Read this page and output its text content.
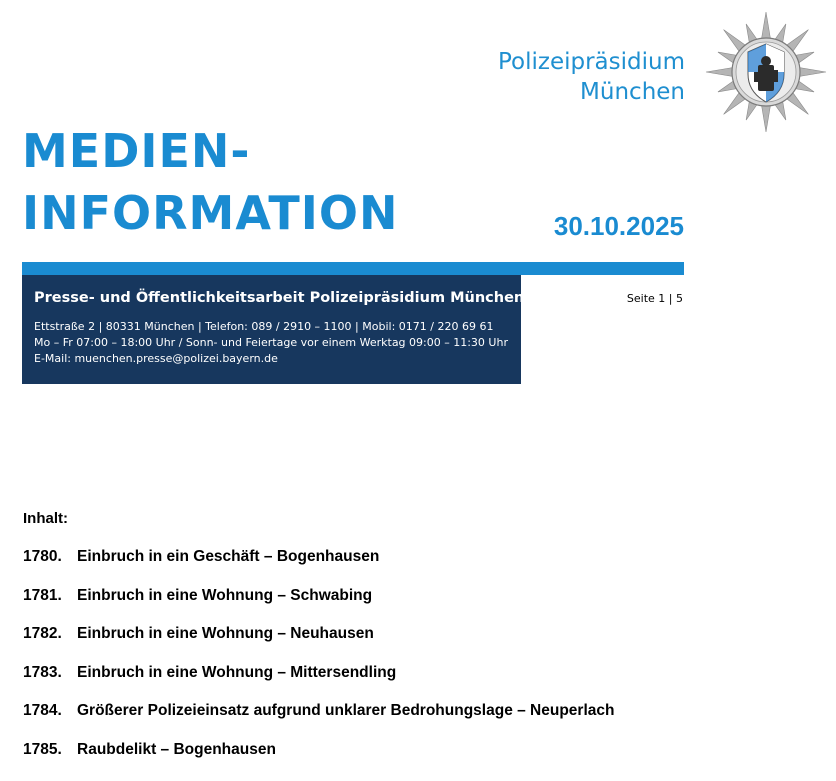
Polizeipräsidium
München
MEDIEN-
INFORMATION	30.10.2025
Presse- und Öffentlichkeitsarbeit Polizeipräsidium München
Ettstraße 2 | 80331 München | Telefon: 089 / 2910 – 1100 | Mobil: 0171 / 220 69 61
Mo – Fr 07:00 – 18:00 Uhr / Sonn- und Feiertage vor einem Werktag 09:00 – 11:30 Uhr
E-Mail: muenchen.presse@polizei.bayern.de
Seite 1 | 5
Inhalt:
1780. Einbruch in ein Geschäft – Bogenhausen
1781. Einbruch in eine Wohnung – Schwabing
1782. Einbruch in eine Wohnung – Neuhausen
1783. Einbruch in eine Wohnung – Mittersendling
1784. Größerer Polizeieinsatz aufgrund unklarer Bedrohungslage – Neuperlach
1785. Raubdelikt – Bogenhausen
